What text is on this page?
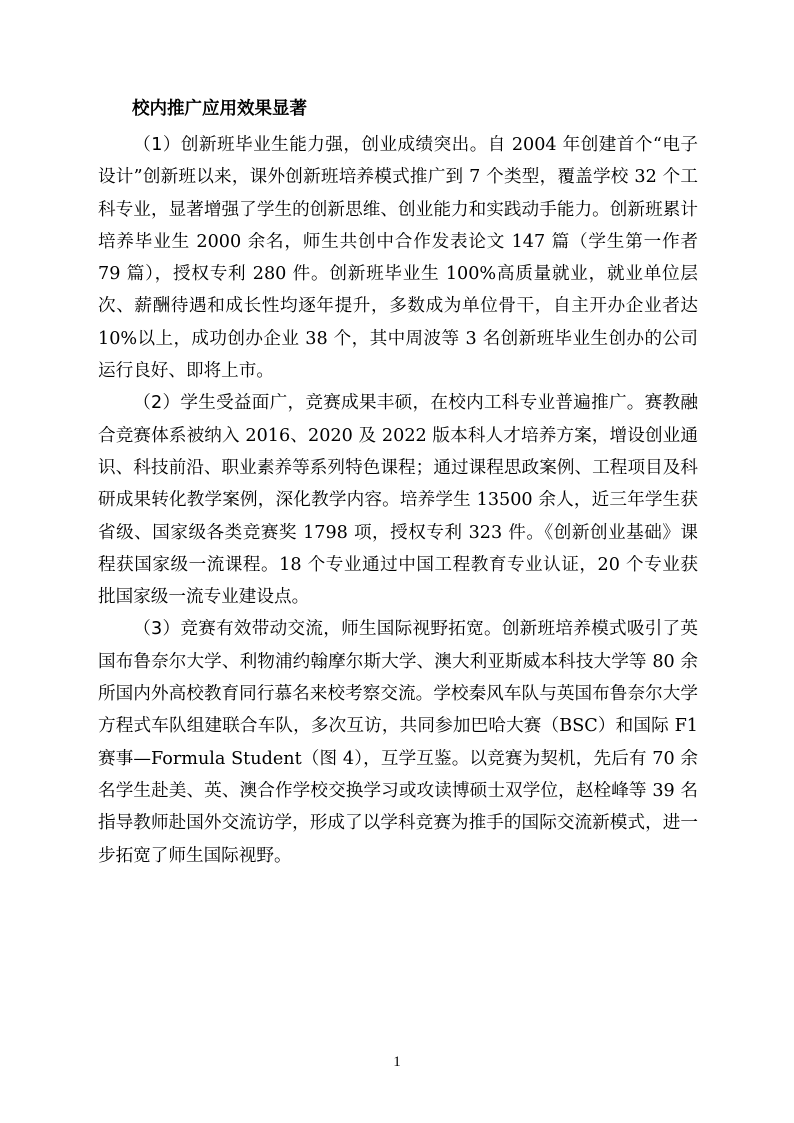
校内推广应用效果显著

（1）创新班毕业生能力强，创业成绩突出。自 2004 年创建首个“电子设计”创新班以来，课外创新班培养模式推广到 7 个类型，覆盖学校 32 个工科专业，显著增强了学生的创新思维、创业能力和实践动手能力。创新班累计培养毕业生 2000 余名，师生共创中合作发表论文 147 篇（学生第一作者 79 篇），授权专利 280 件。创新班毕业生 100%高质量就业，就业单位层次、薪酬待遇和成长性均逐年提升，多数成为单位骨干，自主开办企业者达 10%以上，成功创办企业 38 个，其中周波等 3 名创新班毕业生创办的公司运行良好、即将上市。

（2）学生受益面广，竞赛成果丰硕，在校内工科专业普遍推广。赛教融合竞赛体系被纳入 2016、2020 及 2022 版本科人才培养方案，增设创业通识、科技前沿、职业素养等系列特色课程；通过课程思政案例、工程项目及科研成果转化教学案例，深化教学内容。培养学生 13500 余人，近三年学生获省级、国家级各类竞赛奖 1798 项，授权专利 323 件。《创新创业基础》课程获国家级一流课程。18 个专业通过中国工程教育专业认证，20 个专业获批国家级一流专业建设点。

（3）竞赛有效带动交流，师生国际视野拓宽。创新班培养模式吸引了英国布鲁奈尔大学、利物浦约翰摩尔斯大学、澳大利亚斯威本科技大学等 80 余所国内外高校教育同行慕名来校考察交流。学校秦风车队与英国布鲁奈尔大学方程式车队组建联合车队，多次互访，共同参加巴哈大赛（BSC）和国际 F1 赛事—Formula Student（图 4），互学互鉴。以竞赛为契机，先后有 70 余名学生赴美、英、澳合作学校交换学习或攻读博硕士双学位，赵栓峰等 39 名指导教师赴国外交流访学，形成了以学科竞赛为推手的国际交流新模式，进一步拓宽了师生国际视野。

1
